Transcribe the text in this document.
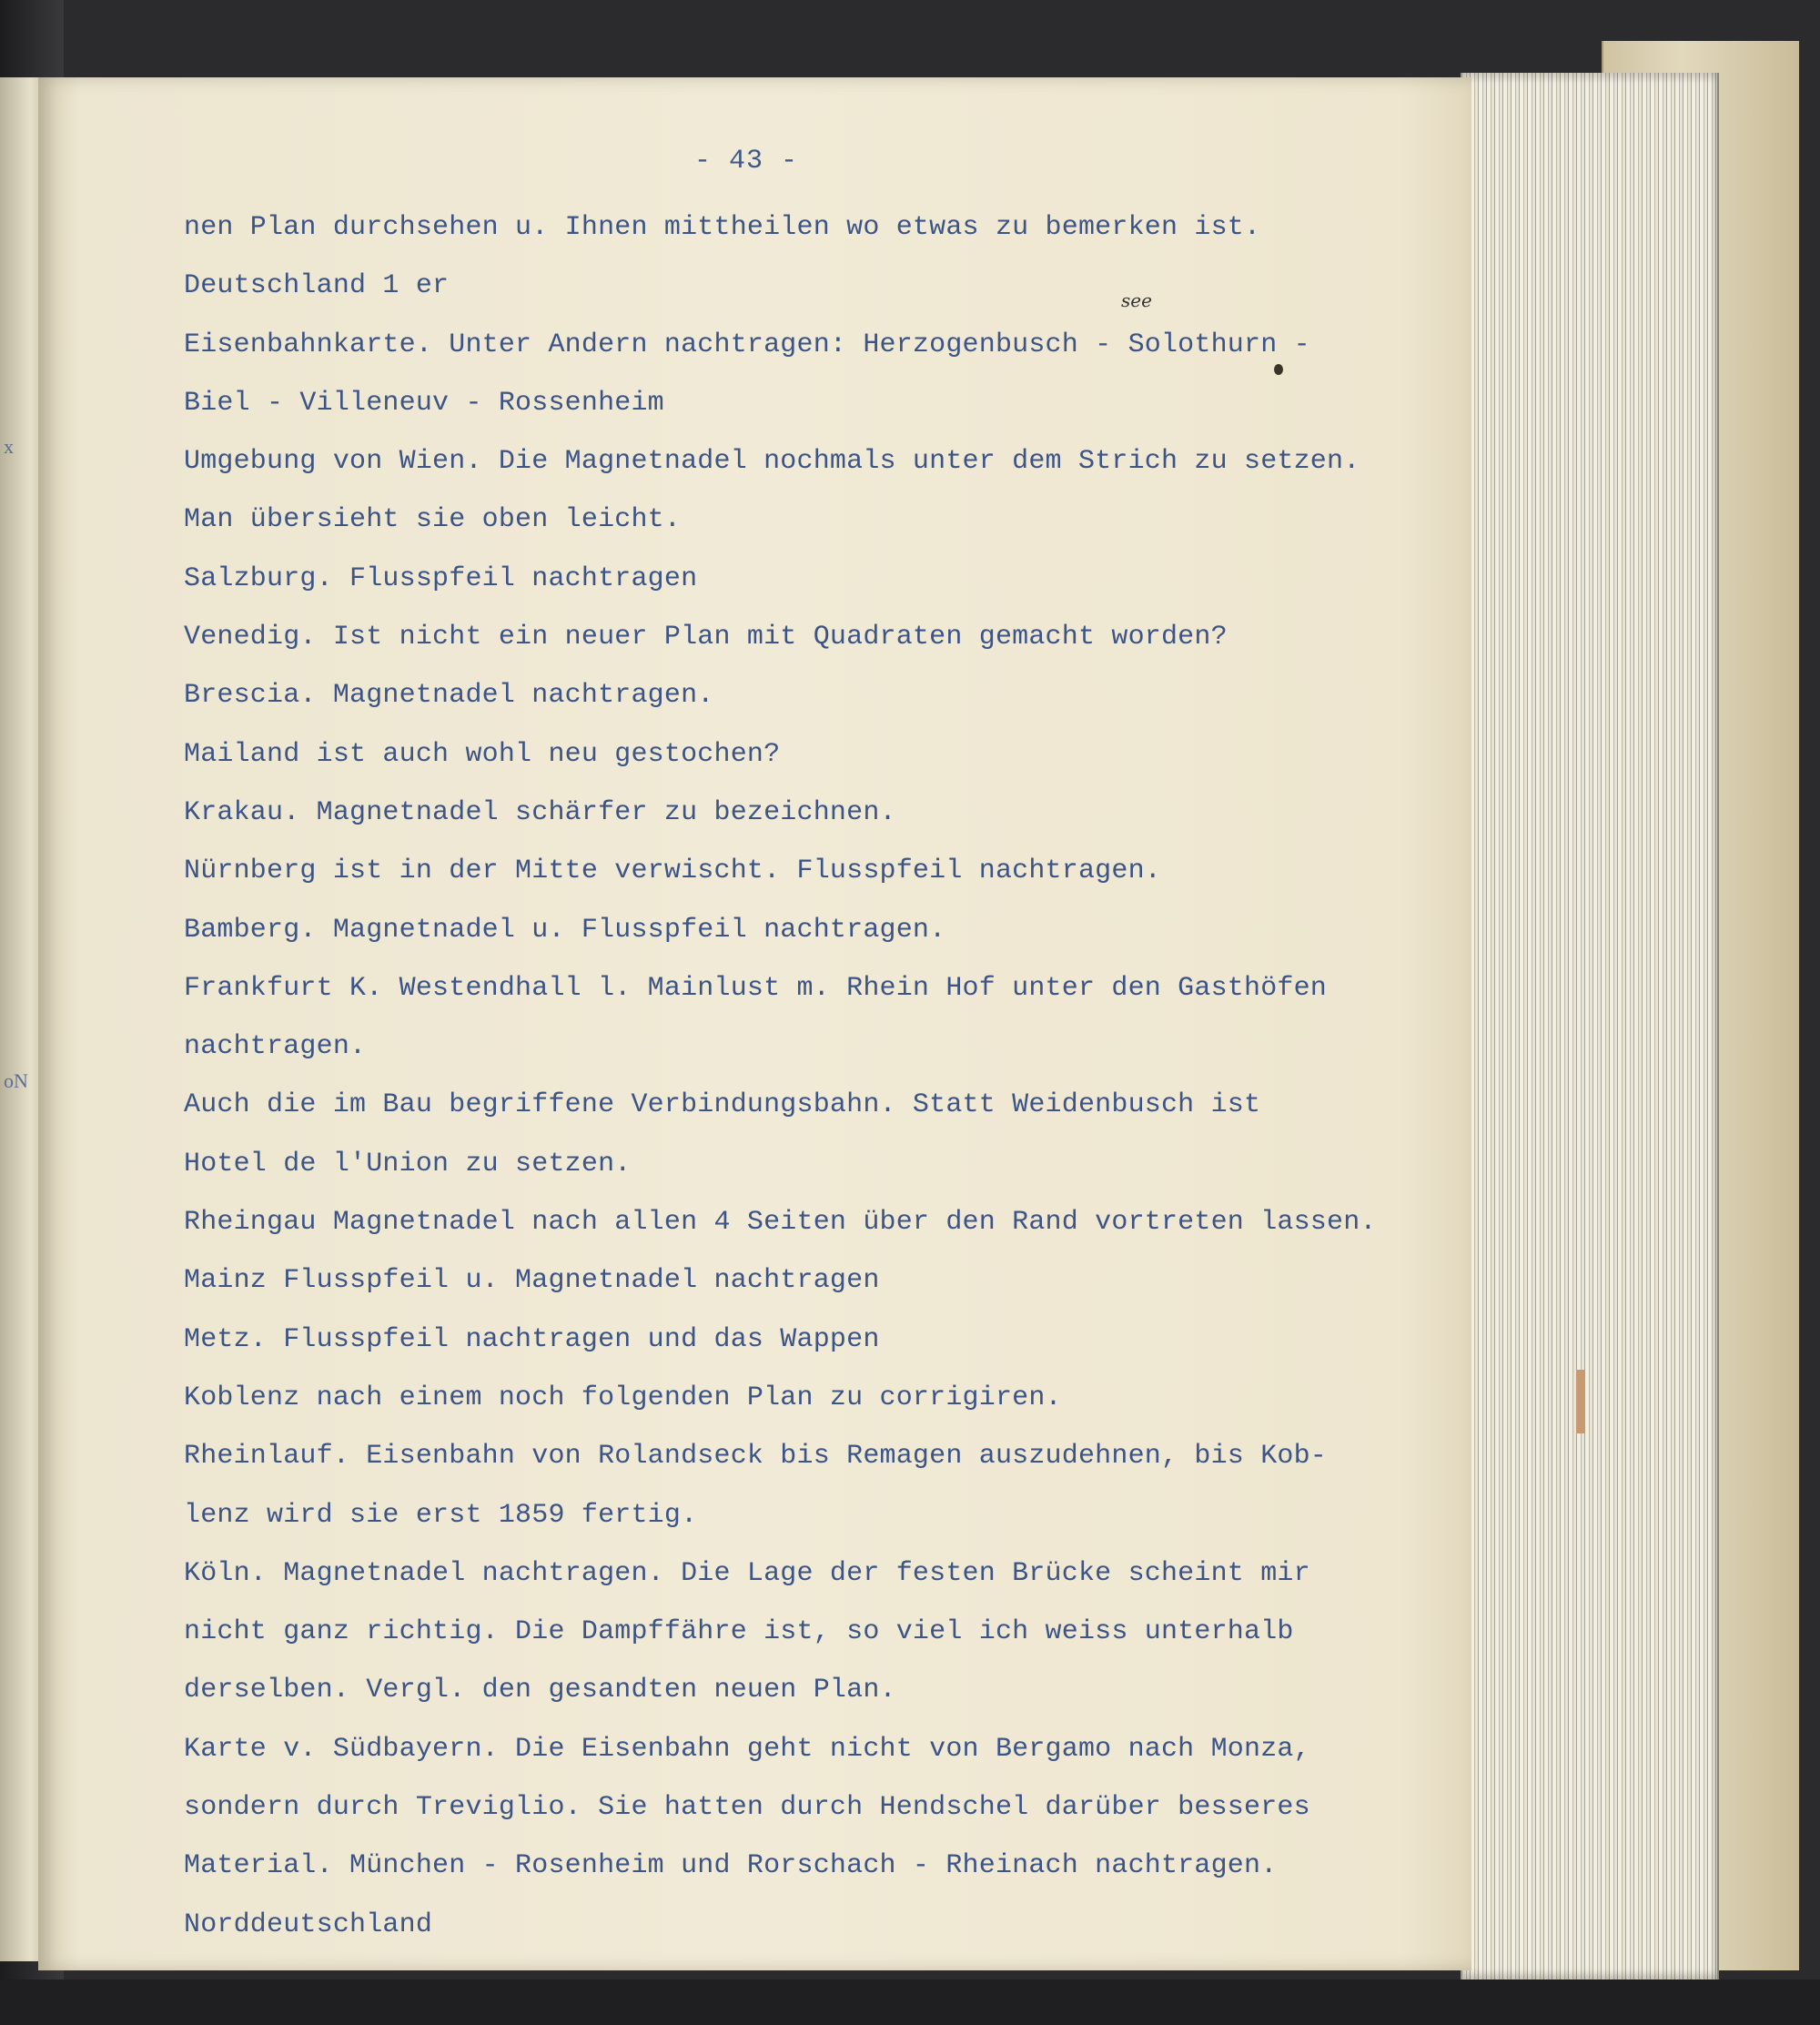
x
oN
- 43 -
nen Plan durchsehen u. Ihnen mittheilen wo etwas zu bemerken ist.
Deutschland 1 er
Eisenbahnkarte. Unter Andern nachtragen: Herzogenbusch - Solothurn -
Biel - Villeneuv - Rossenheim
Umgebung von Wien. Die Magnetnadel nochmals unter dem Strich zu setzen.
Man übersieht sie oben leicht.
Salzburg. Flusspfeil nachtragen
Venedig. Ist nicht ein neuer Plan mit Quadraten gemacht worden?
Brescia. Magnetnadel nachtragen.
Mailand ist auch wohl neu gestochen?
Krakau. Magnetnadel schärfer zu bezeichnen.
Nürnberg ist in der Mitte verwischt. Flusspfeil nachtragen.
Bamberg. Magnetnadel u. Flusspfeil nachtragen.
Frankfurt K. Westendhall l. Mainlust m. Rhein Hof unter den Gasthöfen
nachtragen.
Auch die im Bau begriffene Verbindungsbahn. Statt Weidenbusch ist
Hotel de l'Union zu setzen.
Rheingau Magnetnadel nach allen 4 Seiten über den Rand vortreten lassen.
Mainz Flusspfeil u. Magnetnadel nachtragen
Metz. Flusspfeil nachtragen und das Wappen
Koblenz nach einem noch folgenden Plan zu corrigiren.
Rheinlauf. Eisenbahn von Rolandseck bis Remagen auszudehnen, bis Kob-
lenz wird sie erst 1859 fertig.
Köln. Magnetnadel nachtragen. Die Lage der festen Brücke scheint mir
nicht ganz richtig. Die Dampffähre ist, so viel ich weiss unterhalb
derselben. Vergl. den gesandten neuen Plan.
Karte v. Südbayern. Die Eisenbahn geht nicht von Bergamo nach Monza,
sondern durch Treviglio. Sie hatten durch Hendschel darüber besseres
Material. München - Rosenheim und Rorschach - Rheinach nachtragen.
Norddeutschland
see
